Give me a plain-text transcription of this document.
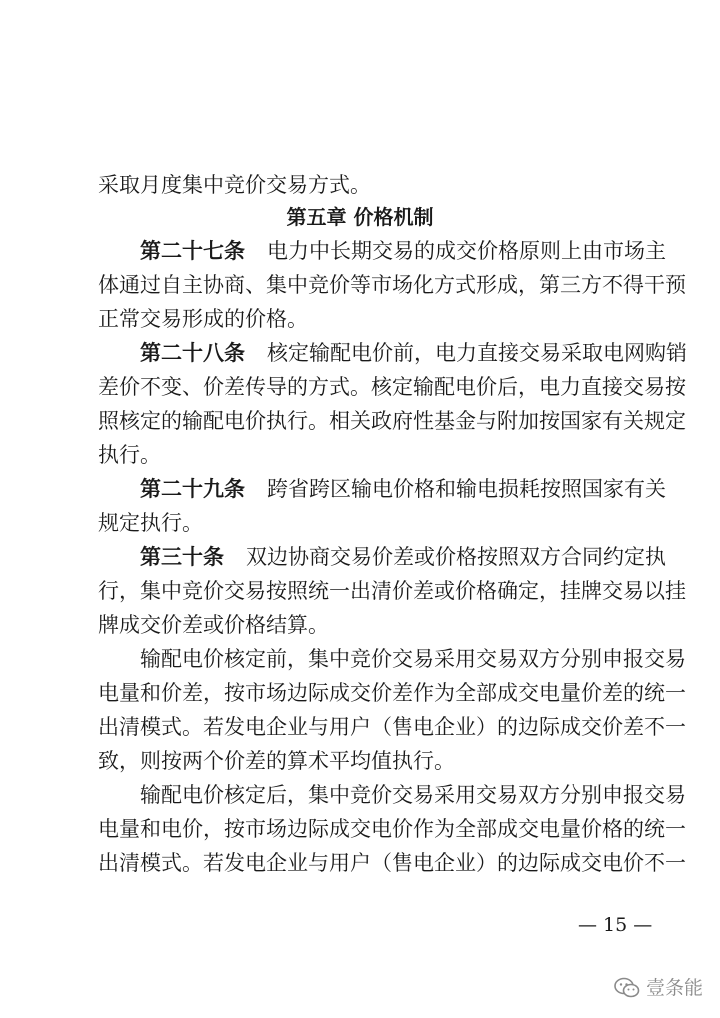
采取月度集中竞价交易方式。
第五章 价格机制
第二十七条 电力中长期交易的成交价格原则上由市场主
体通过自主协商、集中竞价等市场化方式形成，第三方不得干预
正常交易形成的价格。
第二十八条 核定输配电价前，电力直接交易采取电网购销
差价不变、价差传导的方式。核定输配电价后，电力直接交易按
照核定的输配电价执行。相关政府性基金与附加按国家有关规定
执行。
第二十九条 跨省跨区输电价格和输电损耗按照国家有关
规定执行。
第三十条 双边协商交易价差或价格按照双方合同约定执
行，集中竞价交易按照统一出清价差或价格确定，挂牌交易以挂
牌成交价差或价格结算。
输配电价核定前，集中竞价交易采用交易双方分别申报交易
电量和价差，按市场边际成交价差作为全部成交电量价差的统一
出清模式。若发电企业与用户（售电企业）的边际成交价差不一
致，则按两个价差的算术平均值执行。
输配电价核定后，集中竞价交易采用交易双方分别申报交易
电量和电价，按市场边际成交电价作为全部成交电量价格的统一
出清模式。若发电企业与用户（售电企业）的边际成交电价不一
— 15 —
壹条能
